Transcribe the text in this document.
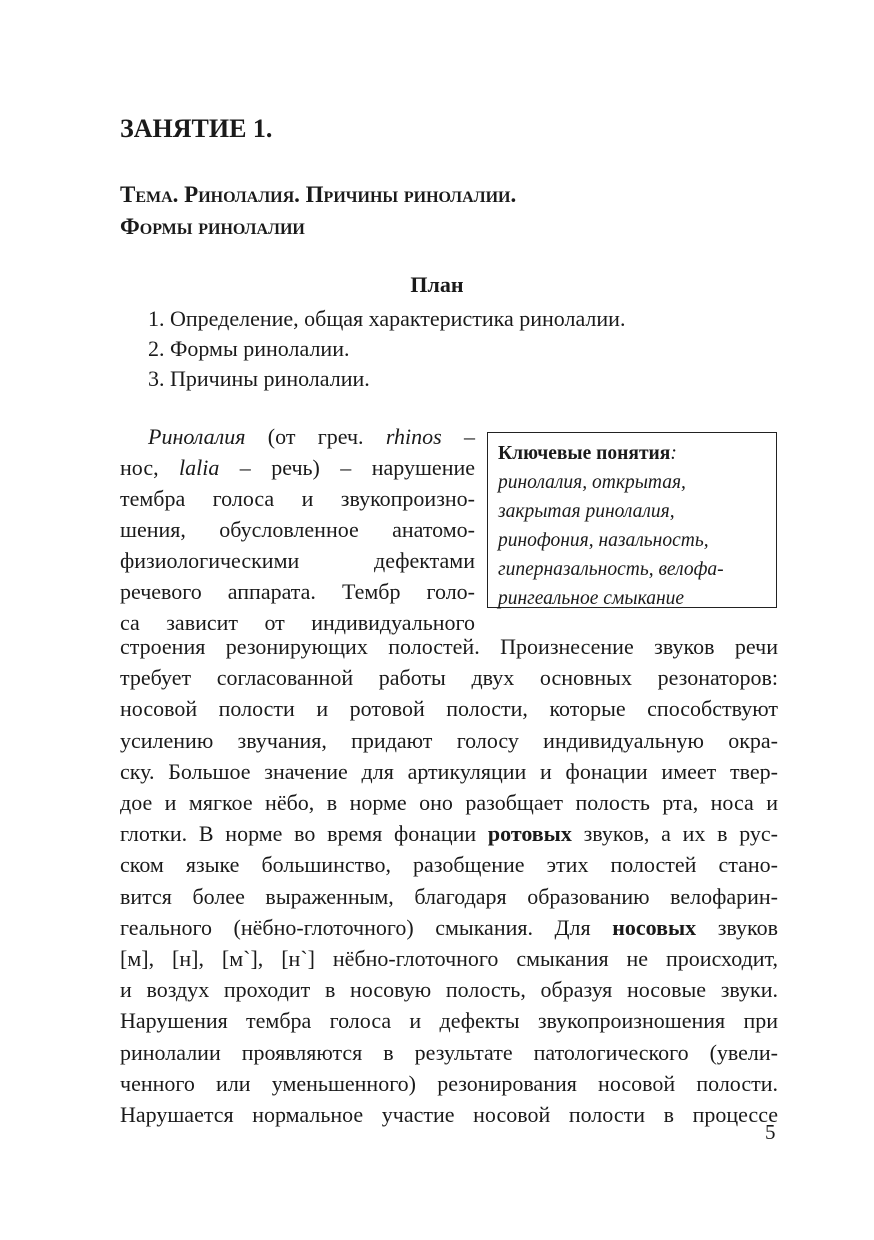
ЗАНЯТИЕ 1.
Тема. Ринолалия. Причины ринолалии.
Формы ринолалии
План
1. Определение, общая характеристика ринолалии.
2. Формы ринолалии.
3. Причины ринолалии.
Ключевые понятия:
ринолалия, открытая,
закрытая ринолалия,
ринофония, назальность,
гиперназальность, велофа-
рингеальное смыкание
Ринолалия (от греч. rhinos –
нос, lalia – речь) – нарушение
тембра голоса и звукопроизно-
шения, обусловленное анатомо-
физиологическими дефектами
речевого аппарата. Тембр голо-
са зависит от индивидуального
строения резонирующих полостей. Произнесение звуков речи
требует согласованной работы двух основных резонаторов:
носовой полости и ротовой полости, которые способствуют
усилению звучания, придают голосу индивидуальную окра-
ску. Большое значение для артикуляции и фонации имеет твер-
дое и мягкое нёбо, в норме оно разобщает полость рта, носа и
глотки. В норме во время фонации ротовых звуков, а их в рус-
ском языке большинство, разобщение этих полостей стано-
вится более выраженным, благодаря образованию велофарин-
геального (нёбно-глоточного) смыкания. Для носовых звуков
[м], [н], [м`], [н`] нёбно-глоточного смыкания не происходит,
и воздух проходит в носовую полость, образуя носовые звуки.
Нарушения тембра голоса и дефекты звукопроизношения при
ринолалии проявляются в результате патологического (увели-
ченного или уменьшенного) резонирования носовой полости.
Нарушается нормальное участие носовой полости в процессе
5
